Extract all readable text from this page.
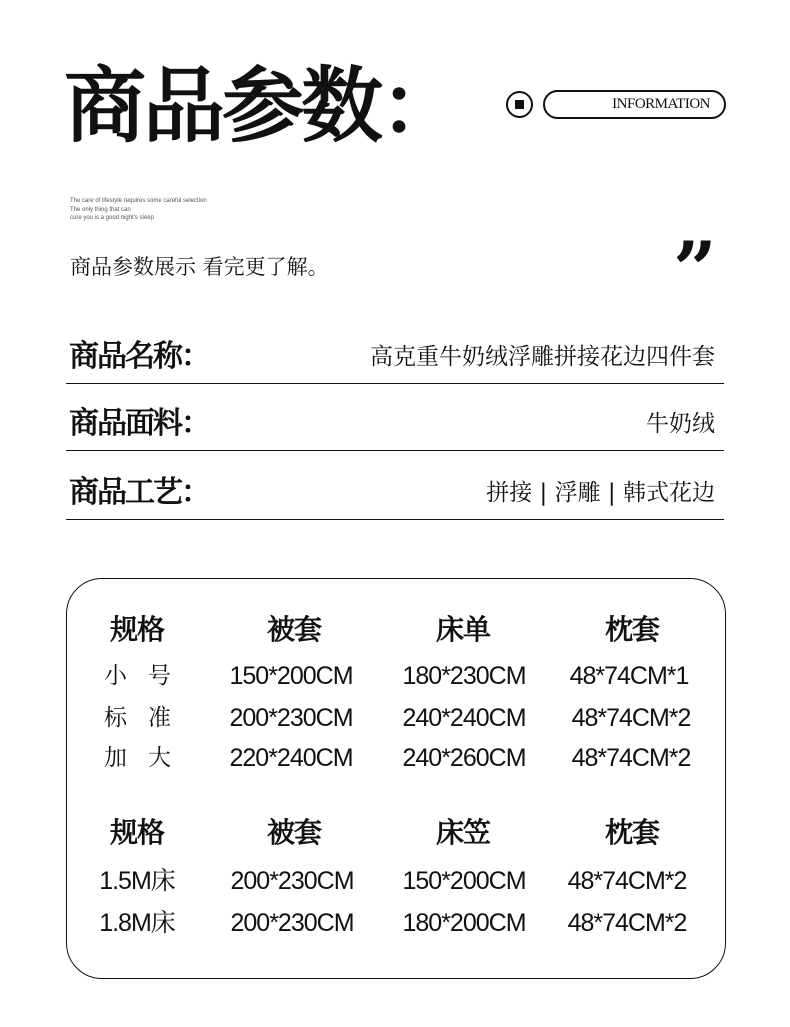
商品参数：	INFORMATION
The care of lifestyle requires some careful selection
The only thing that can
cure you is a good night's sleep
商品参数展示 看完更了解。	”
商品名称：	高克重牛奶绒浮雕拼接花边四件套
商品面料：	牛奶绒
商品工艺：	拼接 | 浮雕 | 韩式花边
规格	被套	床单	枕套
小　号 150*200CM 180*230CM 48*74CM*1
标　准 200*230CM 240*240CM 48*74CM*2
加　大 220*240CM 240*260CM 48*74CM*2
规格	被套	床笠	枕套
1.5M床 200*230CM 150*200CM 48*74CM*2
1.8M床 200*230CM 180*200CM 48*74CM*2
